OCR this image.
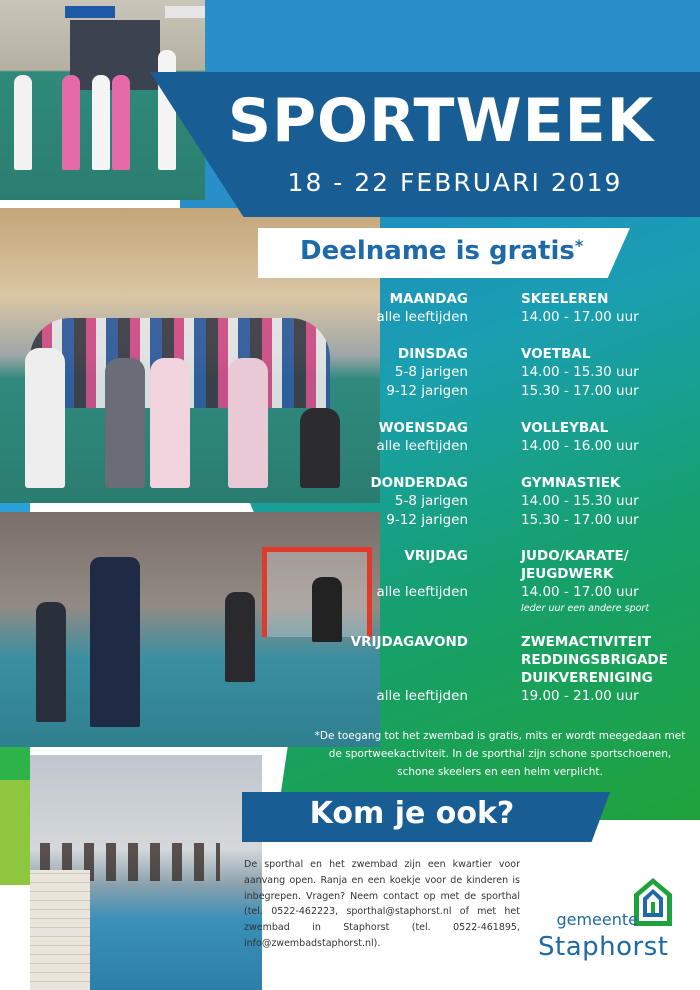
SPORTWEEK
18 - 22 FEBRUARI 2019
Deelname is gratis*
MAANDAG
alle leeftijden
SKEELEREN
14.00 - 17.00 uur
DINSDAG
5-8 jarigen
9-12 jarigen
VOETBAL
14.00 - 15.30 uur
15.30 - 17.00 uur
WOENSDAG
alle leeftijden
VOLLEYBAL
14.00 - 16.00 uur
DONDERDAG
5-8 jarigen
9-12 jarigen
GYMNASTIEK
14.00 - 15.30 uur
15.30 - 17.00 uur
VRIJDAG
alle leeftijden
JUDO/KARATE/
JEUGDWERK
14.00 - 17.00 uur
Ieder uur een andere sport
VRIJDAGAVOND	ZWEMACTIVITEIT
REDDINGSBRIGADE
DUIKVERENIGING
19.00 - 21.00 uur
alle leeftijden
*De toegang tot het zwembad is gratis, mits er wordt meegedaan met de sportweekactiviteit. In de sporthal zijn schone sportschoenen, schone skeelers en een helm verplicht.
Kom je ook?
De sporthal en het zwembad zijn een kwartier voor aanvang open. Ranja en een koekje voor de kinderen is inbegrepen. Vragen? Neem contact op met de sporthal (tel. 0522-462223, sporthal@staphorst.nl of met het zwembad in Staphorst (tel. 0522-461895, info@zwembadstaphorst.nl).
gemeente
Staphorst
